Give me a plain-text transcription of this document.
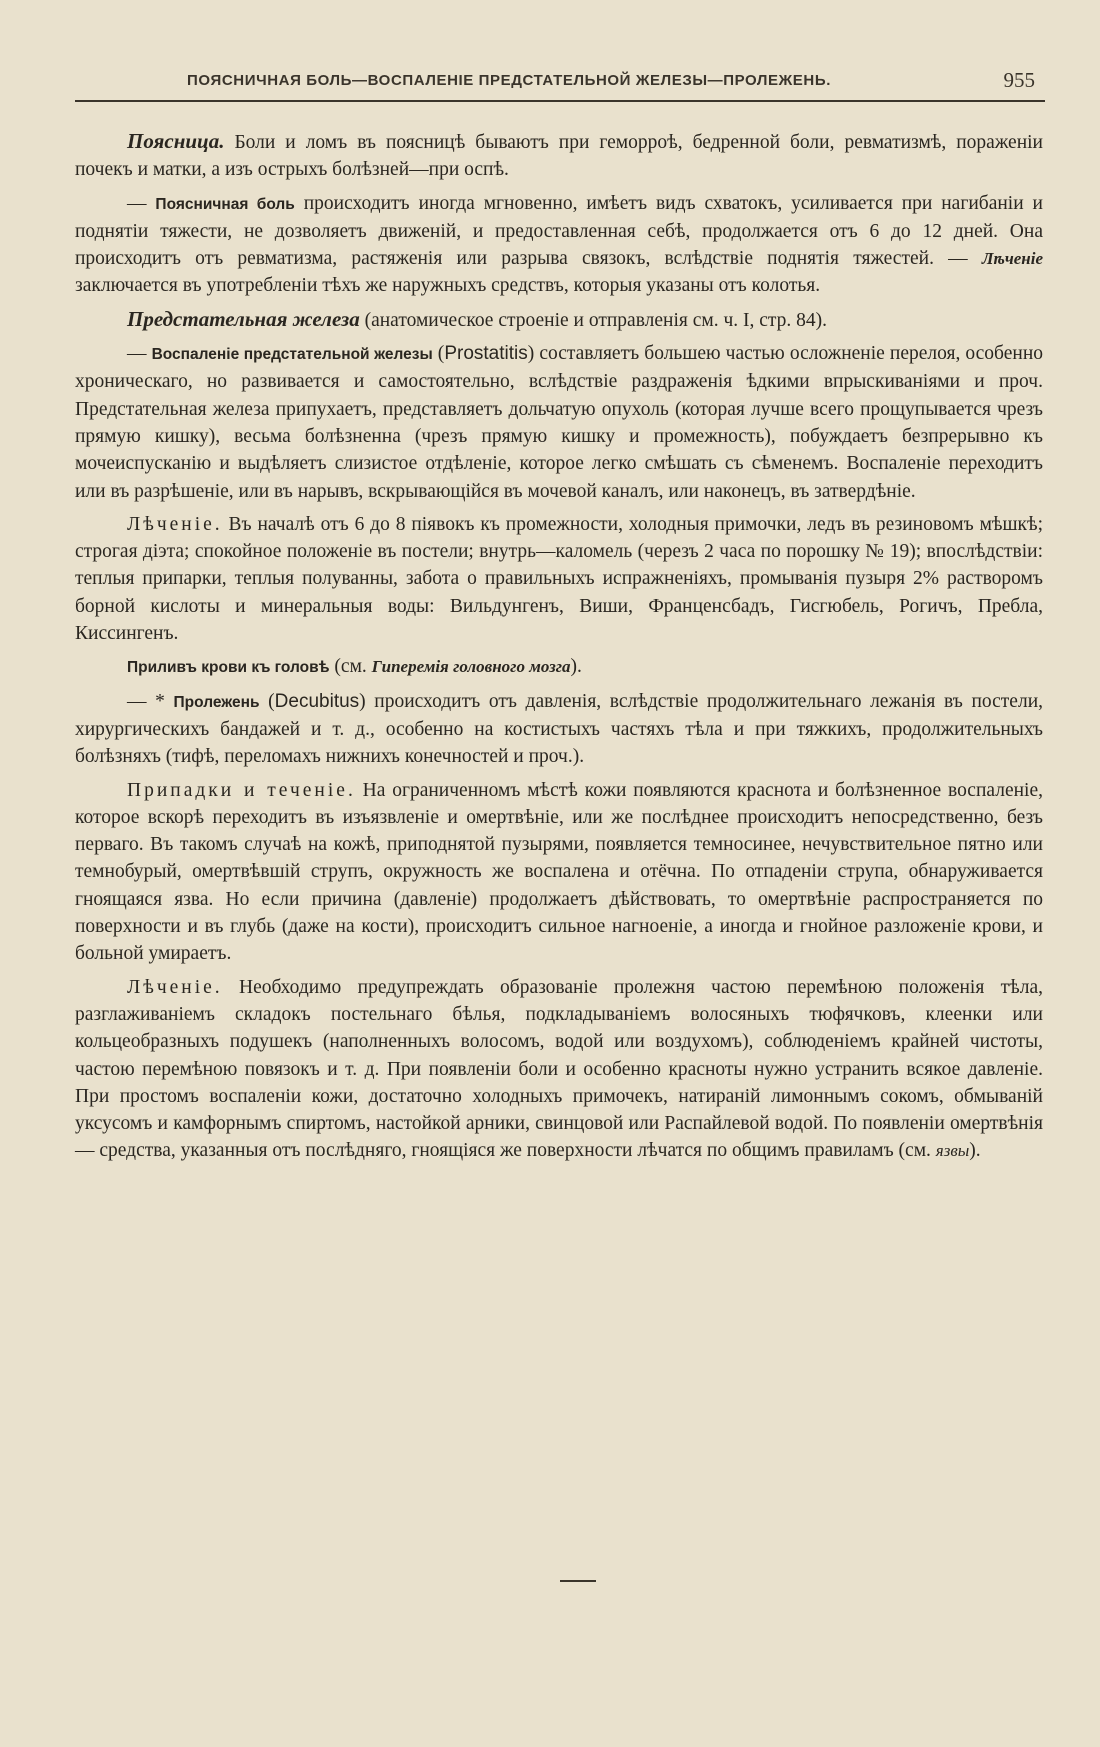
ПОЯСНИЧНАЯ БОЛЬ—ВОСПАЛЕНІЕ ПРЕДСТАТЕЛЬНОЙ ЖЕЛЕЗЫ—ПРОЛЕЖЕНЬ.	955

Поясница. Боли и ломъ въ поясницѣ бываютъ при геморроѣ, бедренной боли, ревматизмѣ, пораженіи почекъ и матки, а изъ острыхъ болѣзней—при оспѣ.

— Поясничная боль происходитъ иногда мгновенно, имѣетъ видъ схватокъ, усиливается при нагибаніи и поднятіи тяжести, не дозволяетъ движеній, и предоставленная себѣ, продолжается отъ 6 до 12 дней. Она происходитъ отъ ревматизма, растяженія или разрыва связокъ, вслѣдствіе поднятія тяжестей. — Лѣченіе заключается въ употребленіи тѣхъ же наружныхъ средствъ, которыя указаны отъ колотья.

Предстательная железа (анатомическое строеніе и отправленія см. ч. I, стр. 84).

— Воспаленіе предстательной железы (Prostatitis) составляетъ большею частью осложненіе перелоя, особенно хроническаго, но развивается и самостоятельно, вслѣдствіе раздраженія ѣдкими впрыскиваніями и проч. Предстательная железа припухаетъ, представляетъ дольчатую опухоль (которая лучше всего прощупывается чрезъ прямую кишку), весьма болѣзненна (чрезъ прямую кишку и промежность), побуждаетъ безпрерывно къ мочеиспусканію и выдѣляетъ слизистое отдѣленіе, которое легко смѣшать съ сѣменемъ. Воспаленіе переходитъ или въ разрѣшеніе, или въ нарывъ, вскрывающійся въ мочевой каналъ, или наконецъ, въ затвердѣніе.

Лѣченіе. Въ началѣ отъ 6 до 8 піявокъ къ промежности, холодныя примочки, ледъ въ резиновомъ мѣшкѣ; строгая діэта; спокойное положеніе въ постели; внутрь—каломель (черезъ 2 часа по порошку № 19); впослѣдствіи: теплыя припарки, теплыя полуванны, забота о правильныхъ испражненіяхъ, промыванія пузыря 2% растворомъ борной кислоты и минеральныя воды: Вильдунгенъ, Виши, Франценсбадъ, Гисгюбель, Рогичъ, Пребла, Киссингенъ.

Приливъ крови къ головѣ (см. Гиперемія головного мозга).

— * Пролежень (Decubitus) происходитъ отъ давленія, вслѣдствіе продолжительнаго лежанія въ постели, хирургическихъ бандажей и т. д., особенно на костистыхъ частяхъ тѣла и при тяжкихъ, продолжительныхъ болѣзняхъ (тифѣ, переломахъ нижнихъ конечностей и проч.).

Припадки и теченіе. На ограниченномъ мѣстѣ кожи появляются краснота и болѣзненное воспаленіе, которое вскорѣ переходитъ въ изъязвленіе и омертвѣніе, или же послѣднее происходитъ непосредственно, безъ перваго. Въ такомъ случаѣ на кожѣ, приподнятой пузырями, появляется темносинее, нечувствительное пятно или темнобурый, омертвѣвшій струпъ, окружность же воспалена и отёчна. По отпаденіи струпа, обнаруживается гноящаяся язва. Но если причина (давленіе) продолжаетъ дѣйствовать, то омертвѣніе распространяется по поверхности и въ глубь (даже на кости), происходитъ сильное нагноеніе, а иногда и гнойное разложеніе крови, и больной умираетъ.

Лѣченіе. Необходимо предупреждать образованіе пролежня частою перемѣною положенія тѣла, разглаживаніемъ складокъ постельнаго бѣлья, подкладываніемъ волосяныхъ тюфячковъ, клеенки или кольцеобразныхъ подушекъ (наполненныхъ волосомъ, водой или воздухомъ), соблюденіемъ крайней чистоты, частою перемѣною повязокъ и т. д. При появленіи боли и особенно красноты нужно устранить всякое давленіе. При простомъ воспаленіи кожи, достаточно холодныхъ примочекъ, натираній лимоннымъ сокомъ, обмываній уксусомъ и камфорнымъ спиртомъ, настойкой арники, свинцовой или Распайлевой водой. По появленіи омертвѣнія — средства, указанныя отъ послѣдняго, гноящіяся же поверхности лѣчатся по общимъ правиламъ (см. язвы).
